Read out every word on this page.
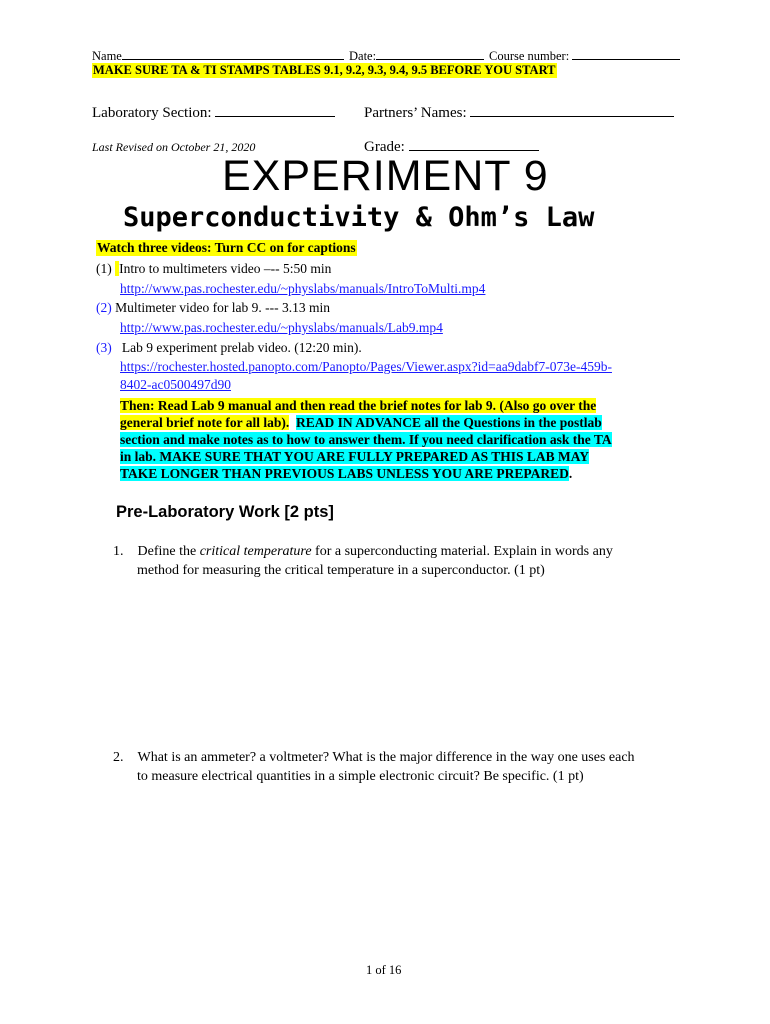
Name	Date:	Course number:
MAKE SURE TA & TI STAMPS TABLES 9.1, 9.2, 9.3, 9.4, 9.5 BEFORE YOU START
Laboratory Section:	Partners’ Names:
Last Revised on October 21, 2020	Grade:
EXPERIMENT 9
Superconductivity & Ohm’s Law
Watch three videos: Turn CC on for captions
(1) Intro to multimeters video –-- 5:50 min
http://www.pas.rochester.edu/~physlabs/manuals/IntroToMulti.mp4
(2) Multimeter video for lab 9. --- 3.13 min
http://www.pas.rochester.edu/~physlabs/manuals/Lab9.mp4
(3) Lab 9 experiment prelab video. (12:20 min).
https://rochester.hosted.panopto.com/Panopto/Pages/Viewer.aspx?id=aa9dabf7-073e-459b-
8402-ac0500497d90
Then: Read Lab 9 manual and then read the brief notes for lab 9. (Also go over the
general brief note for all lab). READ IN ADVANCE all the Questions in the postlab
section and make notes as to how to answer them. If you need clarification ask the TA
in lab. MAKE SURE THAT YOU ARE FULLY PREPARED AS THIS LAB MAY
TAKE LONGER THAN PREVIOUS LABS UNLESS YOU ARE PREPARED.
Pre-Laboratory Work [2 pts]
1. Define the critical temperature for a superconducting material. Explain in words any
method for measuring the critical temperature in a superconductor. (1 pt)
2. What is an ammeter? a voltmeter? What is the major difference in the way one uses each
to measure electrical quantities in a simple electronic circuit? Be specific. (1 pt)
1 of 16
